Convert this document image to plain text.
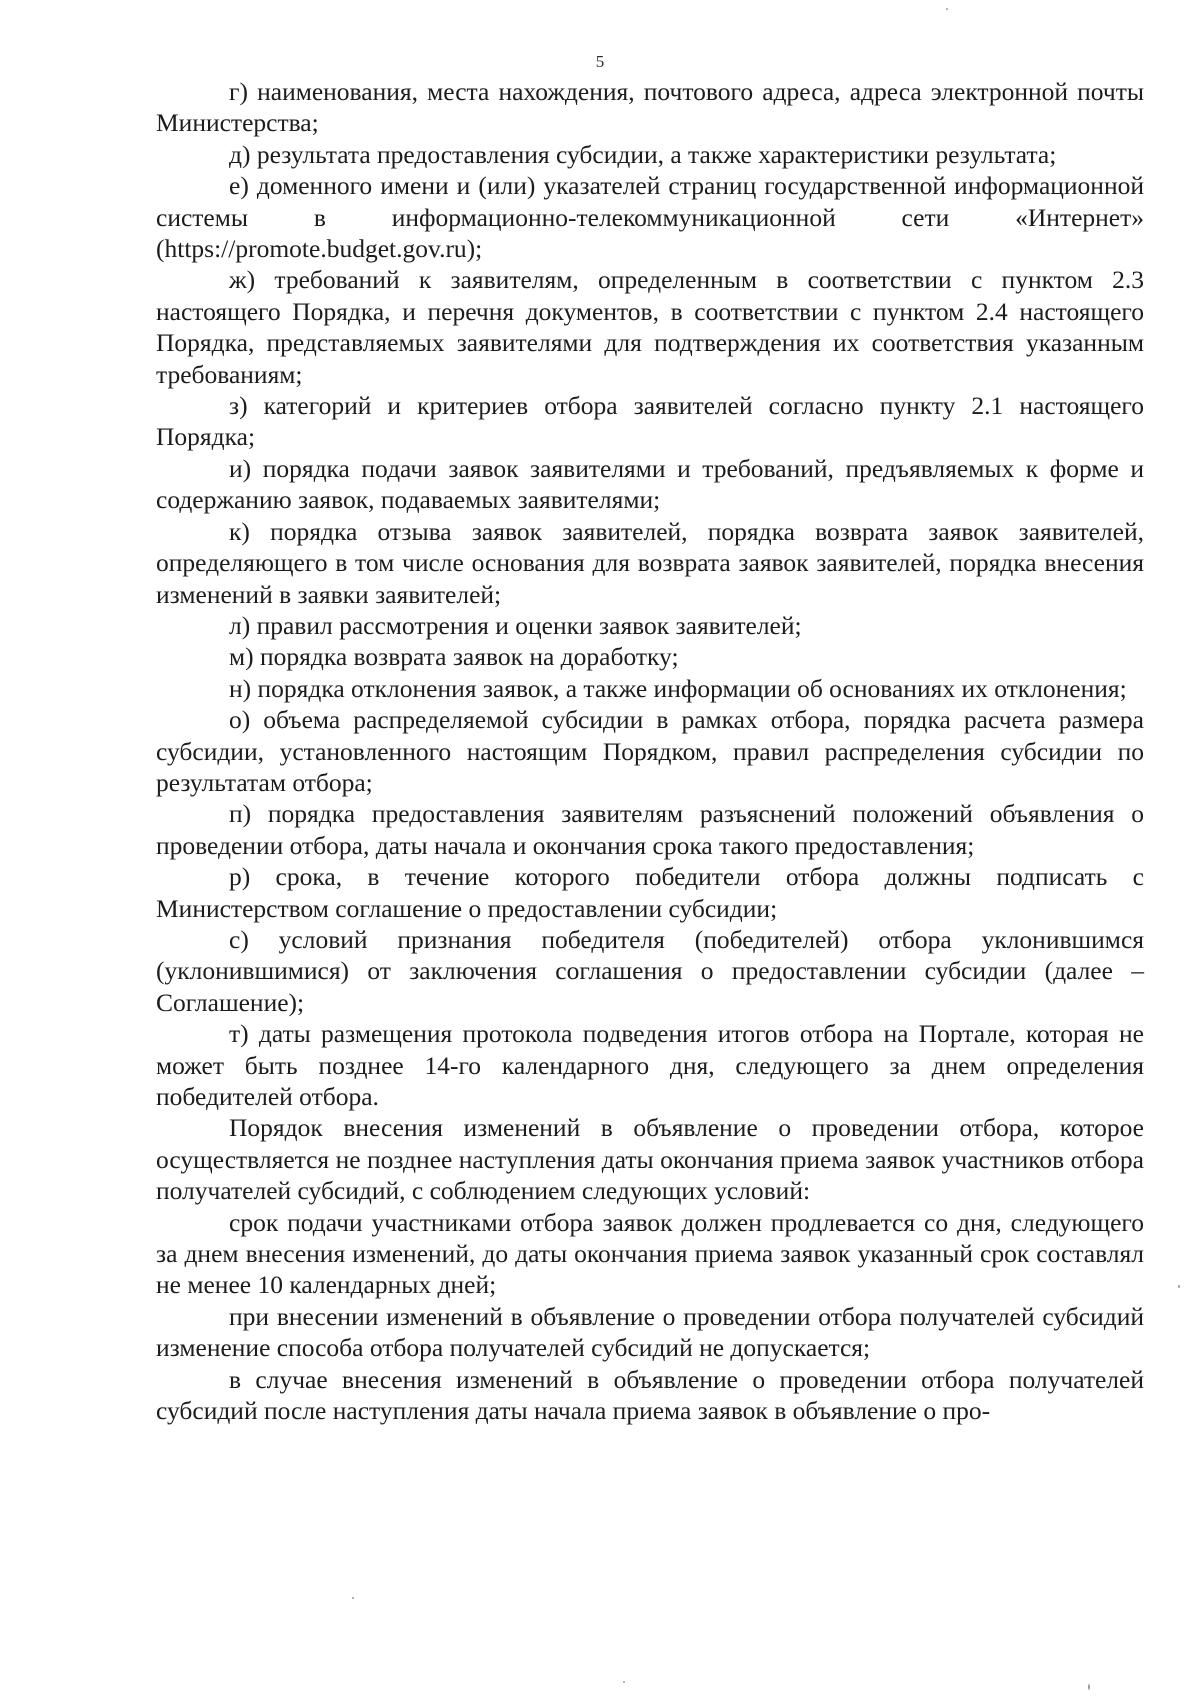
5

г) наименования, места нахождения, почтового адреса, адреса электронной почты Министерства;

д) результата предоставления субсидии, а также характеристики результата;

е) доменного имени и (или) указателей страниц государственной информационной системы в информационно-телекоммуникационной сети «Интернет» (https://promote.budget.gov.ru);

ж) требований к заявителям, определенным в соответствии с пунктом 2.3 настоящего Порядка, и перечня документов, в соответствии с пунктом 2.4 настоящего Порядка, представляемых заявителями для подтверждения их соответствия указанным требованиям;

з) категорий и критериев отбора заявителей согласно пункту 2.1 настоящего Порядка;

и) порядка подачи заявок заявителями и требований, предъявляемых к форме и содержанию заявок, подаваемых заявителями;

к) порядка отзыва заявок заявителей, порядка возврата заявок заявителей, определяющего в том числе основания для возврата заявок заявителей, порядка внесения изменений в заявки заявителей;

л) правил рассмотрения и оценки заявок заявителей;

м) порядка возврата заявок на доработку;

н) порядка отклонения заявок, а также информации об основаниях их отклонения;

о) объема распределяемой субсидии в рамках отбора, порядка расчета размера субсидии, установленного настоящим Порядком, правил распределения субсидии по результатам отбора;

п) порядка предоставления заявителям разъяснений положений объявления о проведении отбора, даты начала и окончания срока такого предоставления;

р) срока, в течение которого победители отбора должны подписать с Министерством соглашение о предоставлении субсидии;

с) условий признания победителя (победителей) отбора уклонившимся (уклонившимися) от заключения соглашения о предоставлении субсидии (далее – Соглашение);

т) даты размещения протокола подведения итогов отбора на Портале, которая не может быть позднее 14-го календарного дня, следующего за днем определения победителей отбора.

Порядок внесения изменений в объявление о проведении отбора, которое осуществляется не позднее наступления даты окончания приема заявок участников отбора получателей субсидий, с соблюдением следующих условий:

срок подачи участниками отбора заявок должен продлевается со дня, следующего за днем внесения изменений, до даты окончания приема заявок указанный срок составлял не менее 10 календарных дней;

при внесении изменений в объявление о проведении отбора получателей субсидий изменение способа отбора получателей субсидий не допускается;

в случае внесения изменений в объявление о проведении отбора получателей субсидий после наступления даты начала приема заявок в объявление о про-
